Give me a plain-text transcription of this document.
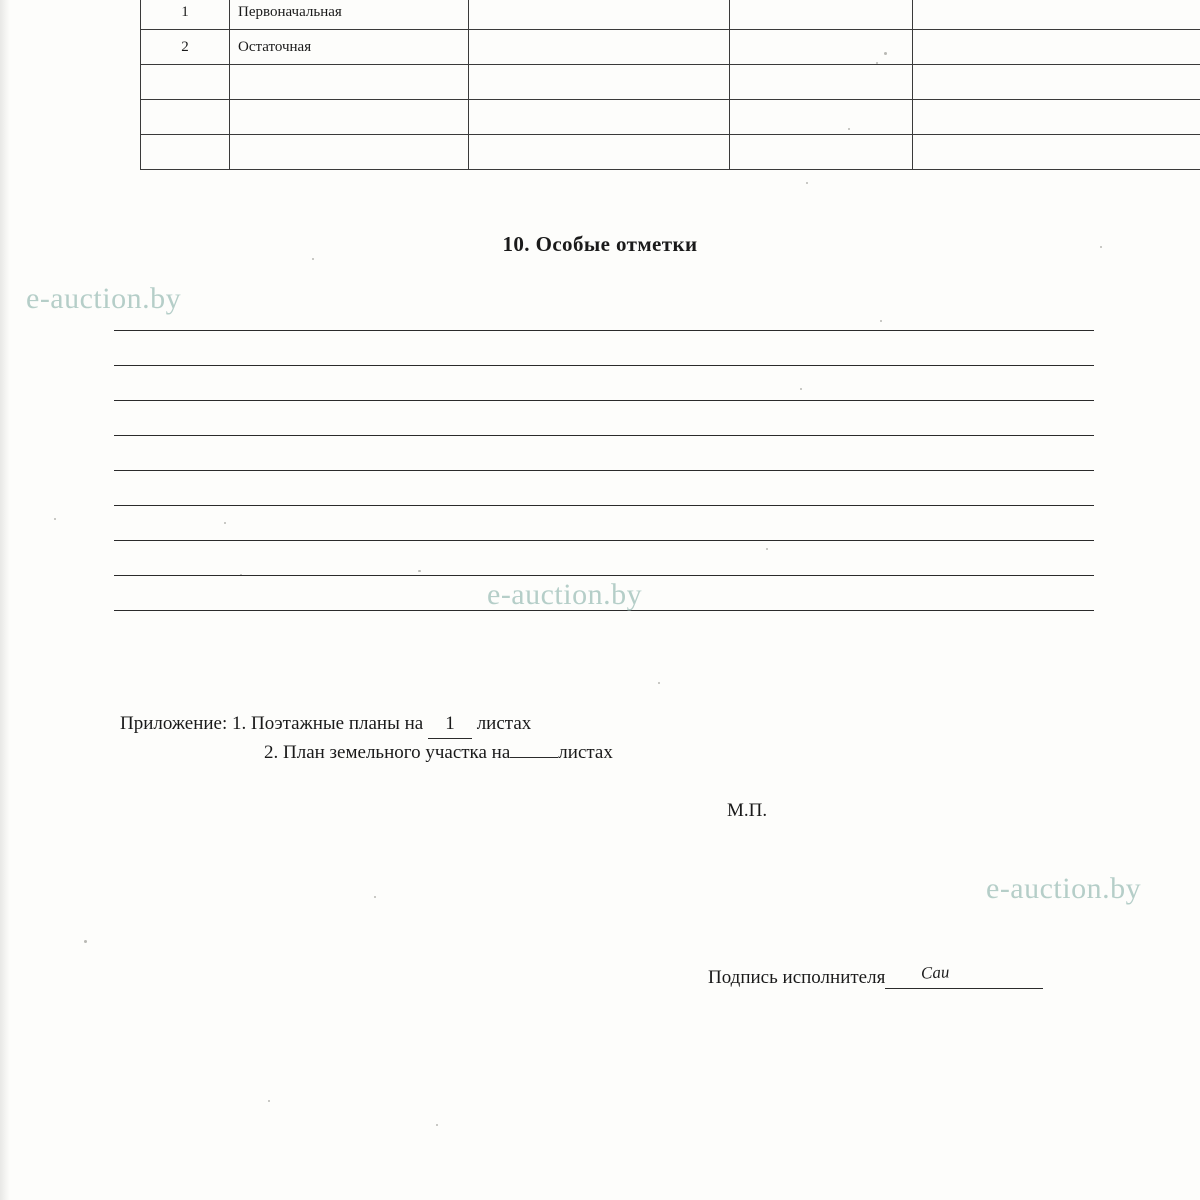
1	Первоначальная			
2	Остаточная			

10. Особые отметки
e-auction.by
e-auction.by
e-auction.by
Приложение: 1. Поэтажные планы на 1 листах
2. План земельного участка на	листах
М.П.
Подпись исполнителя Сau
